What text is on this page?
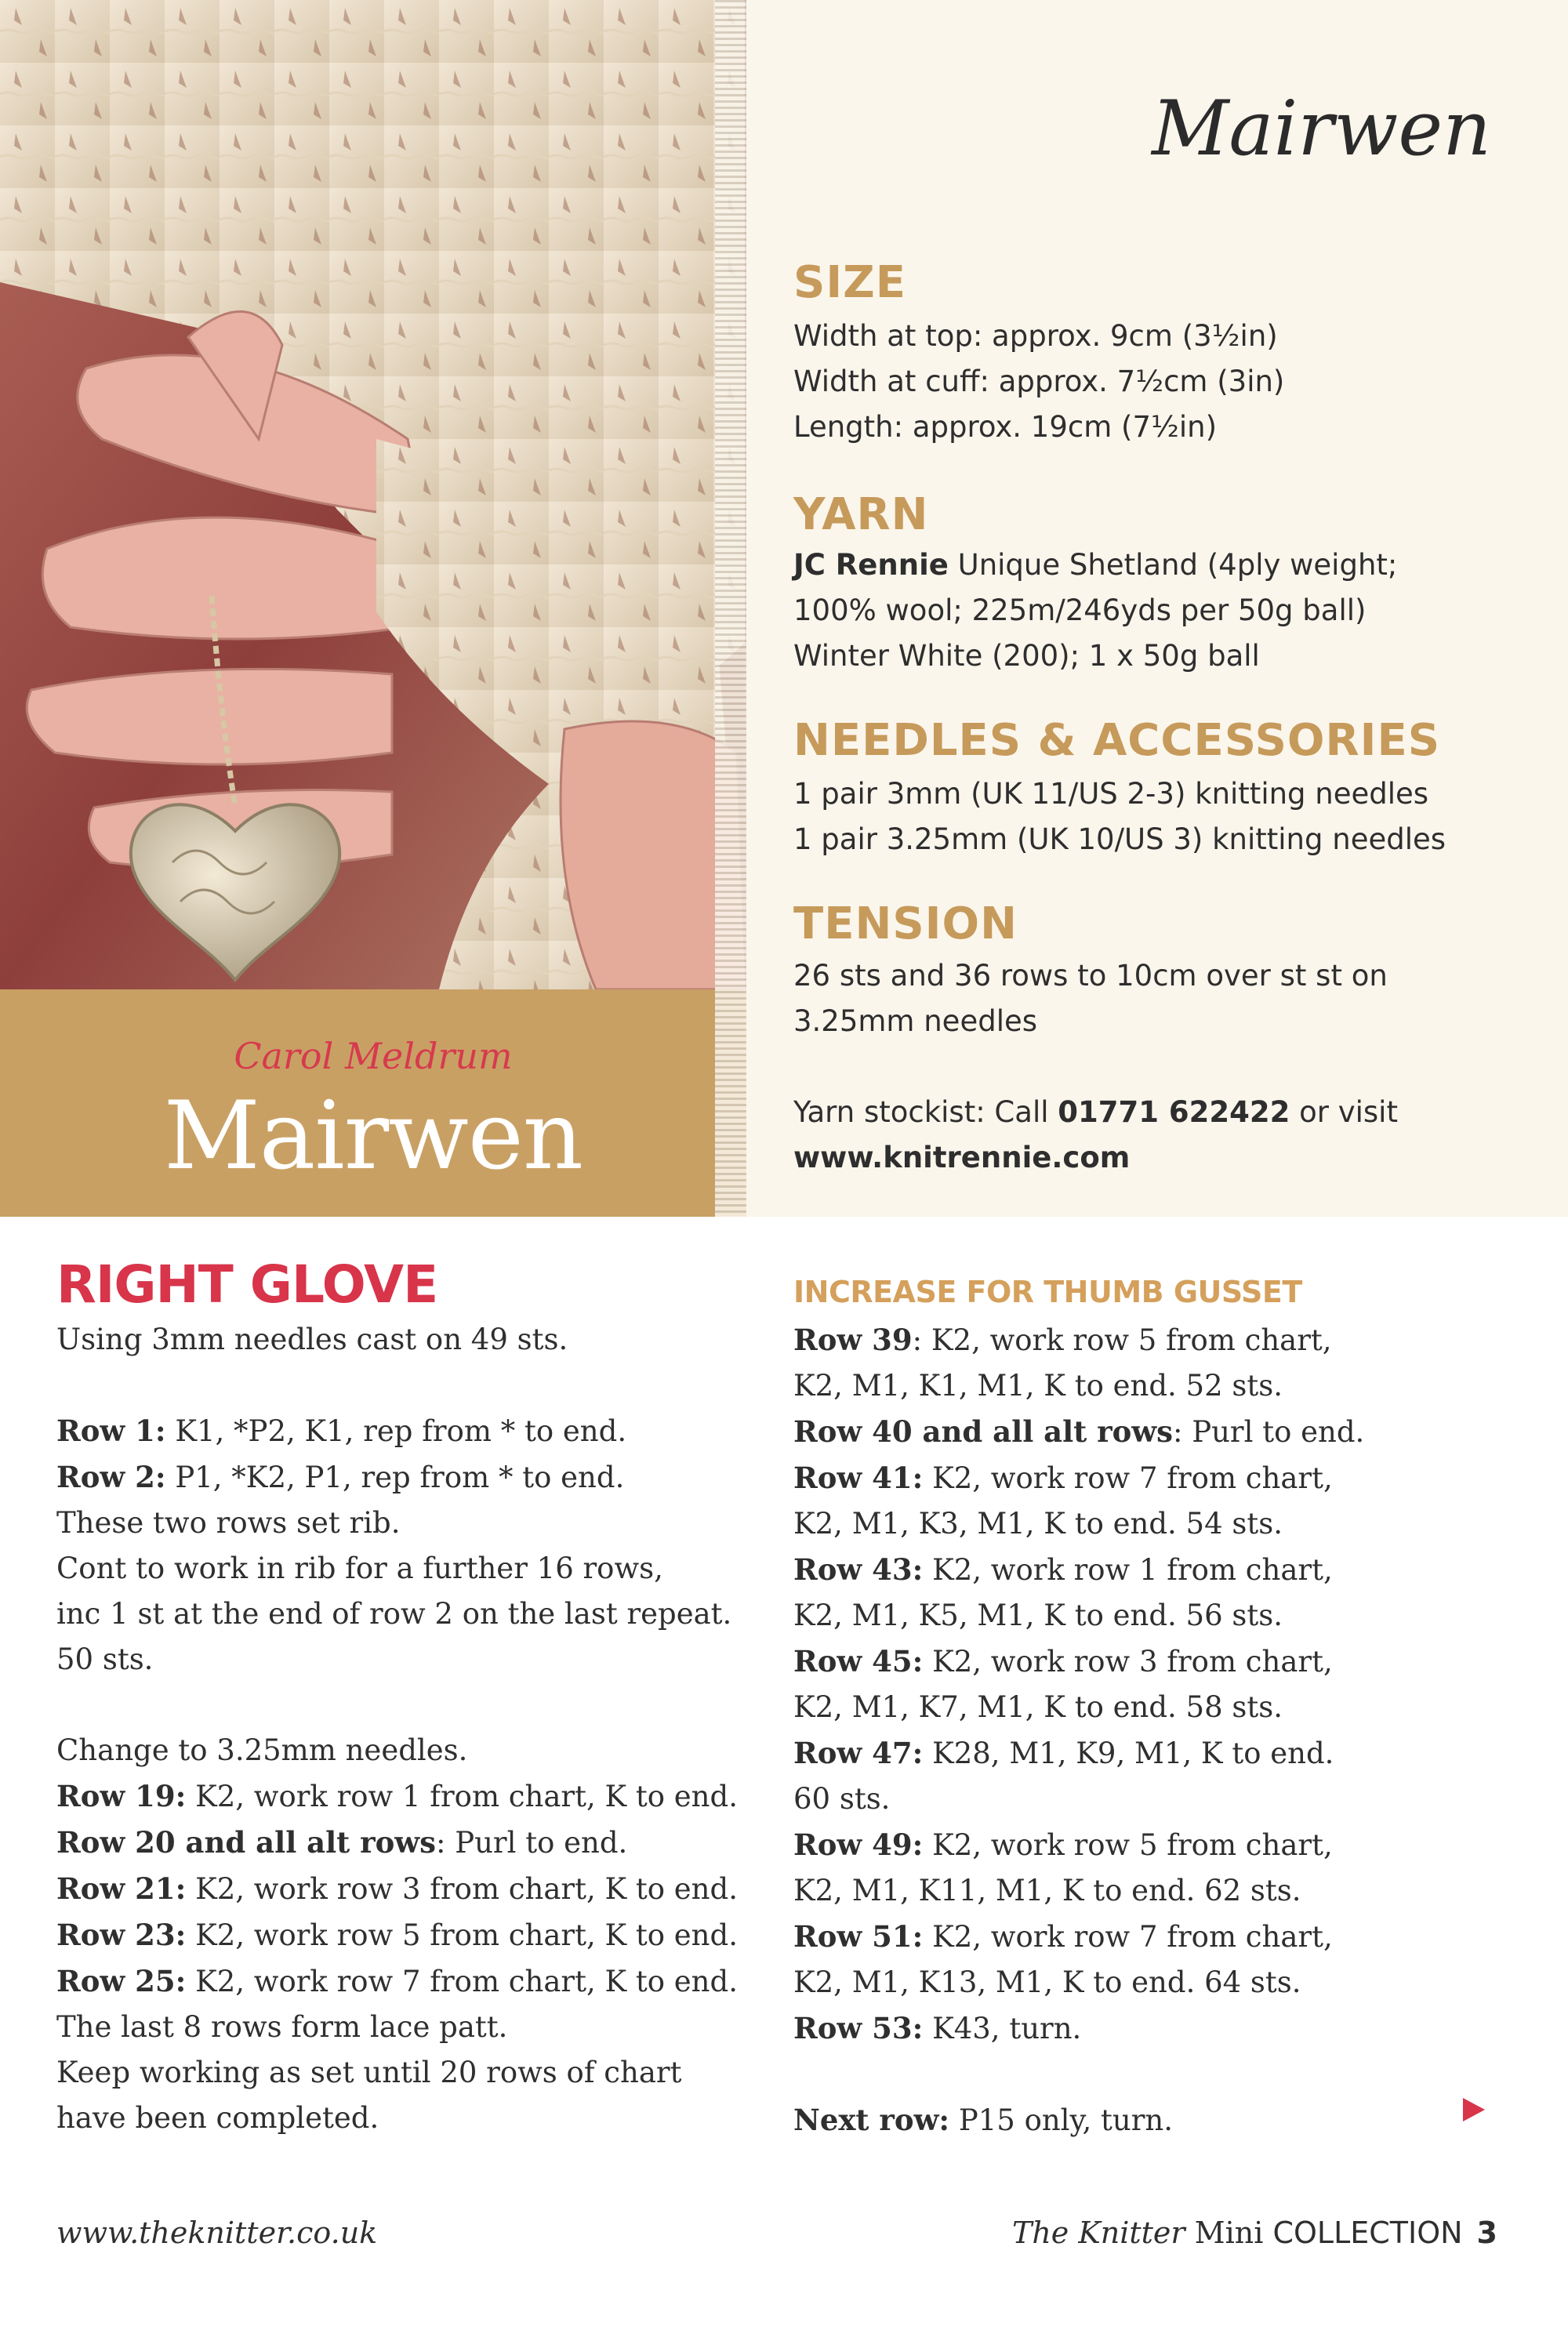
Carol Meldrum
Mairwen
Mairwen
SIZE
Width at top: approx. 9cm (3½in)
Width at cuff: approx. 7½cm (3in)
Length: approx. 19cm (7½in)
YARN
JC Rennie Unique Shetland (4ply weight;
100% wool; 225m/246yds per 50g ball)
Winter White (200); 1 x 50g ball
NEEDLES & ACCESSORIES
1 pair 3mm (UK 11/US 2-3) knitting needles
1 pair 3.25mm (UK 10/US 3) knitting needles
TENSION
26 sts and 36 rows to 10cm over st st on
3.25mm needles
Yarn stockist: Call 01771 622422 or visit
www.knitrennie.com
RIGHT GLOVE

Using 3mm needles cast on 49 sts.

Row 1: K1, *P2, K1, rep from * to end.

Row 2: P1, *K2, P1, rep from * to end.

These two rows set rib.

Cont to work in rib for a further 16 rows,

inc 1 st at the end of row 2 on the last repeat.

50 sts.

Change to 3.25mm needles.

Row 19: K2, work row 1 from chart, K to end.

Row 20 and all alt rows: Purl to end.

Row 21: K2, work row 3 from chart, K to end.

Row 23: K2, work row 5 from chart, K to end.

Row 25: K2, work row 7 from chart, K to end.

The last 8 rows form lace patt.

Keep working as set until 20 rows of chart

have been completed.

INCREASE FOR THUMB GUSSET

Row 39: K2, work row 5 from chart,

K2, M1, K1, M1, K to end. 52 sts.

Row 40 and all alt rows: Purl to end.

Row 41: K2, work row 7 from chart,

K2, M1, K3, M1, K to end. 54 sts.

Row 43: K2, work row 1 from chart,

K2, M1, K5, M1, K to end. 56 sts.

Row 45: K2, work row 3 from chart,

K2, M1, K7, M1, K to end. 58 sts.

Row 47: K28, M1, K9, M1, K to end.

60 sts.

Row 49: K2, work row 5 from chart,

K2, M1, K11, M1, K to end. 62 sts.

Row 51: K2, work row 7 from chart,

K2, M1, K13, M1, K to end. 64 sts.

Row 53: K43, turn.

Next row: P15 only, turn.

www.theknitter.co.uk	The Knitter Mini COLLECTION 3
